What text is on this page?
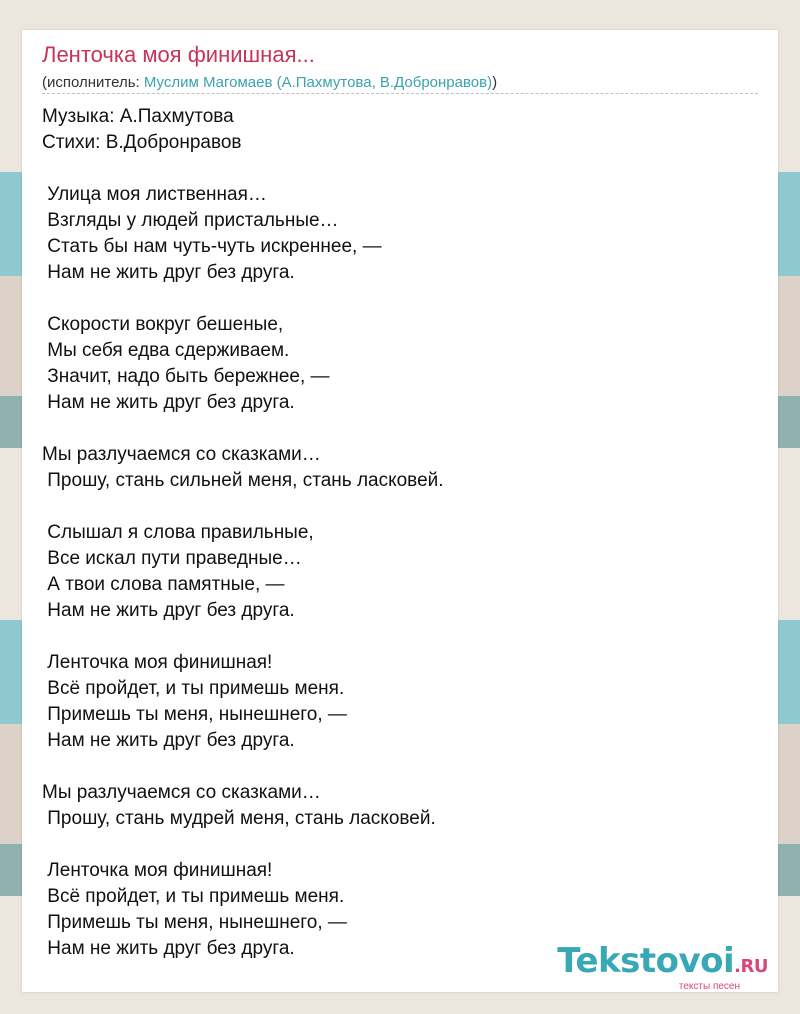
Ленточка моя финишная...
(исполнитель: Муслим Магомаев (А.Пахмутова, В.Добронравов))
Музыка: А.Пахмутова
Стихи: В.Добронравов
Улица моя лиственная…
Взгляды у людей пристальные…
Стать бы нам чуть-чуть искреннее, —
Нам не жить друг без друга.
Скорости вокруг бешеные,
Мы себя едва сдерживаем.
Значит, надо быть бережнее, —
Нам не жить друг без друга.
Мы разлучаемся со сказками…
Прошу, стань сильней меня, стань ласковей.
Слышал я слова правильные,
Все искал пути праведные…
А твои слова памятные, —
Нам не жить друг без друга.
Ленточка моя финишная!
Всё пройдет, и ты примешь меня.
Примешь ты меня, нынешнего, —
Нам не жить друг без друга.
Мы разлучаемся со сказками…
Прошу, стань мудрей меня, стань ласковей.
Ленточка моя финишная!
Всё пройдет, и ты примешь меня.
Примешь ты меня, нынешнего, —
Нам не жить друг без друга.	Tekstovoi.RU
тексты песен
